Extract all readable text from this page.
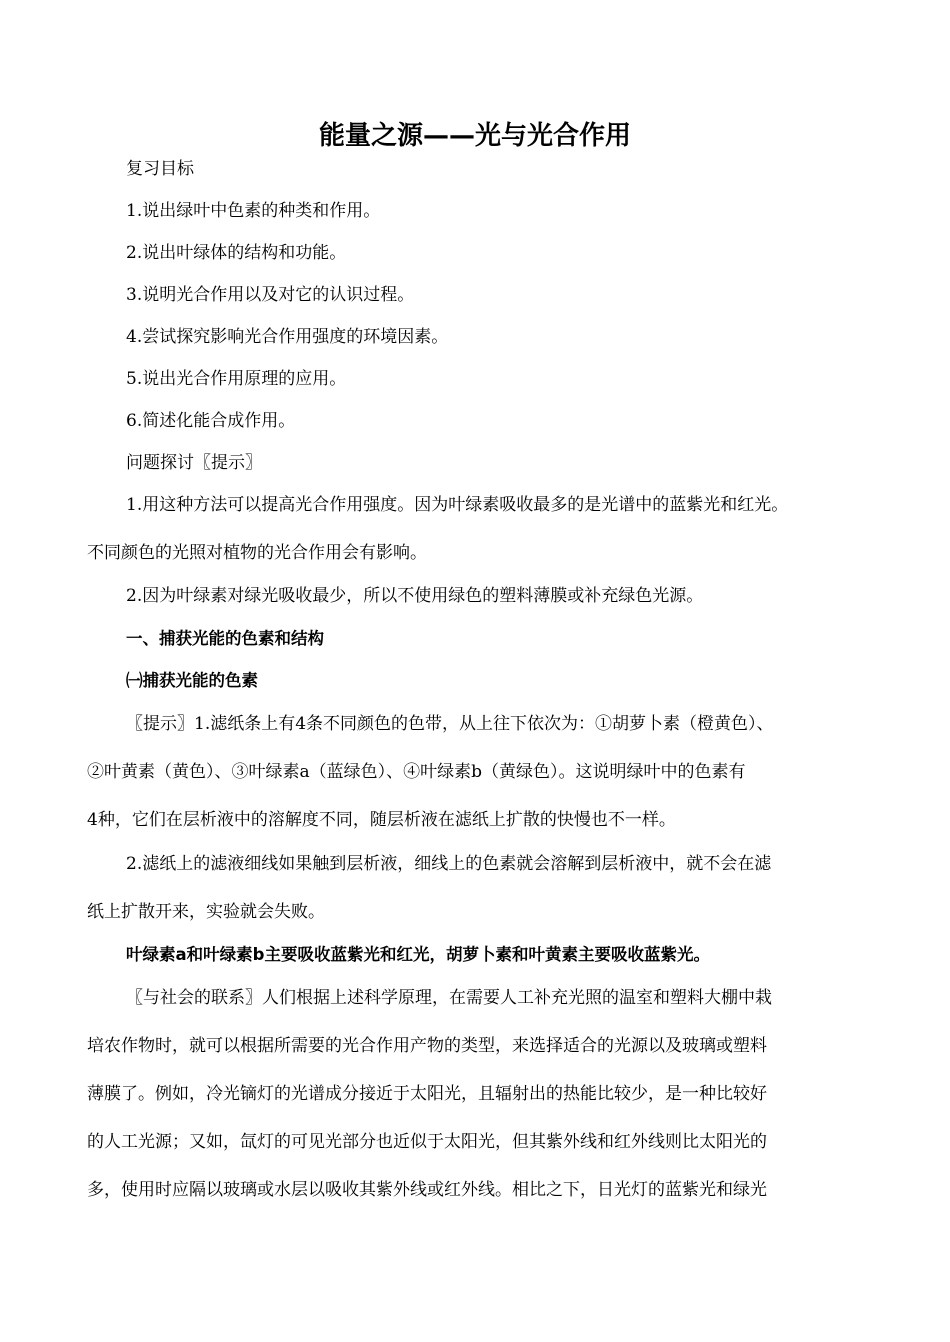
能量之源——光与光合作用
复习目标
1.说出绿叶中色素的种类和作用。
2.说出叶绿体的结构和功能。
3.说明光合作用以及对它的认识过程。
4.尝试探究影响光合作用强度的环境因素。
5.说出光合作用原理的应用。
6.简述化能合成作用。
问题探讨〖提示〗
1.用这种方法可以提高光合作用强度。因为叶绿素吸收最多的是光谱中的蓝紫光和红光。
不同颜色的光照对植物的光合作用会有影响。
2.因为叶绿素对绿光吸收最少，所以不使用绿色的塑料薄膜或补充绿色光源。
一、捕获光能的色素和结构
㈠捕获光能的色素
〖提示〗1.滤纸条上有4条不同颜色的色带，从上往下依次为：①胡萝卜素（橙黄色）、
②叶黄素（黄色）、③叶绿素a（蓝绿色）、④叶绿素b（黄绿色）。这说明绿叶中的色素有
4种，它们在层析液中的溶解度不同，随层析液在滤纸上扩散的快慢也不一样。
2.滤纸上的滤液细线如果触到层析液，细线上的色素就会溶解到层析液中，就不会在滤
纸上扩散开来，实验就会失败。
叶绿素a和叶绿素b主要吸收蓝紫光和红光，胡萝卜素和叶黄素主要吸收蓝紫光。
〖与社会的联系〗人们根据上述科学原理，在需要人工补充光照的温室和塑料大棚中栽
培农作物时，就可以根据所需要的光合作用产物的类型，来选择适合的光源以及玻璃或塑料
薄膜了。例如，冷光镝灯的光谱成分接近于太阳光，且辐射出的热能比较少，是一种比较好
的人工光源；又如，氙灯的可见光部分也近似于太阳光，但其紫外线和红外线则比太阳光的
多，使用时应隔以玻璃或水层以吸收其紫外线或红外线。相比之下，日光灯的蓝紫光和绿光
